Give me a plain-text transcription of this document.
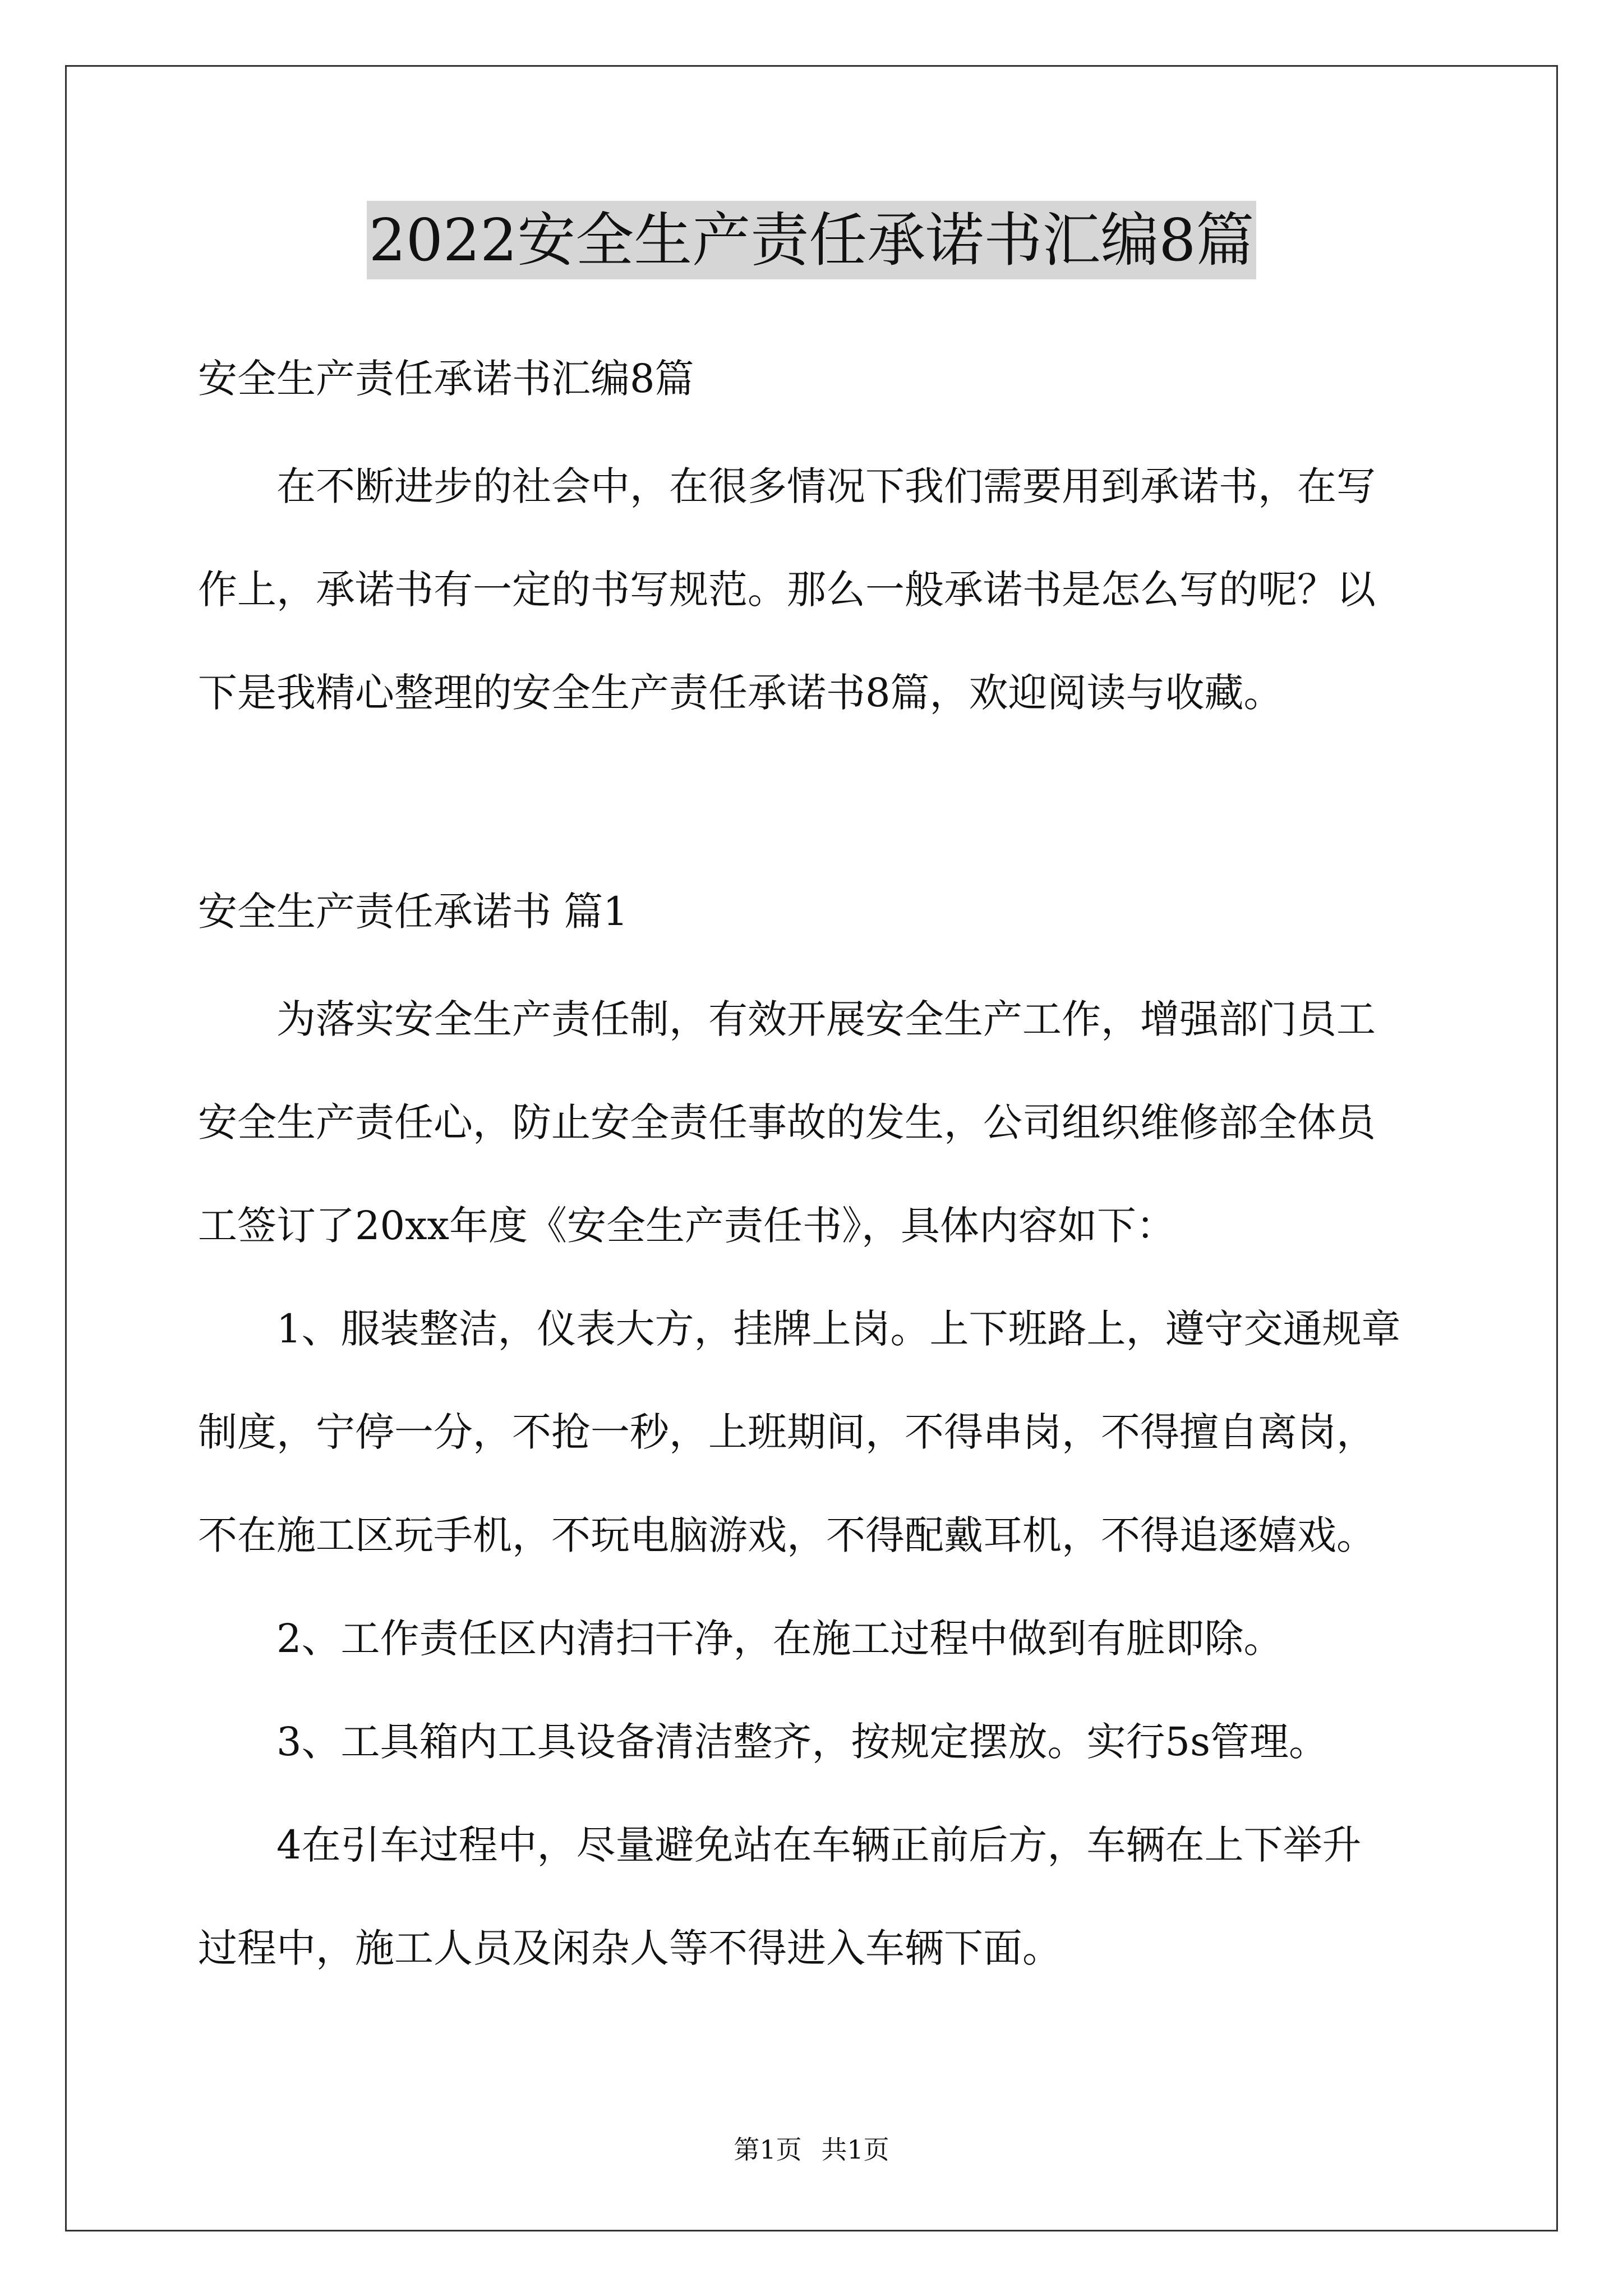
2022安全生产责任承诺书汇编8篇
安全生产责任承诺书汇编8篇
　　在不断进步的社会中，在很多情况下我们需要用到承诺书，在写
作上，承诺书有一定的书写规范。那么一般承诺书是怎么写的呢？以
下是我精心整理的安全生产责任承诺书8篇，欢迎阅读与收藏。
安全生产责任承诺书 篇1
　　为落实安全生产责任制，有效开展安全生产工作，增强部门员工
安全生产责任心，防止安全责任事故的发生，公司组织维修部全体员
工签订了20xx年度《安全生产责任书》，具体内容如下：
　　1、服装整洁，仪表大方，挂牌上岗。上下班路上，遵守交通规章
制度，宁停一分，不抢一秒，上班期间，不得串岗，不得擅自离岗，
不在施工区玩手机，不玩电脑游戏，不得配戴耳机，不得追逐嬉戏。
　　2、工作责任区内清扫干净，在施工过程中做到有脏即除。
　　3、工具箱内工具设备清洁整齐，按规定摆放。实行5s管理。
　　4在引车过程中，尽量避免站在车辆正前后方，车辆在上下举升
过程中，施工人员及闲杂人等不得进入车辆下面。
第1页 共1页
